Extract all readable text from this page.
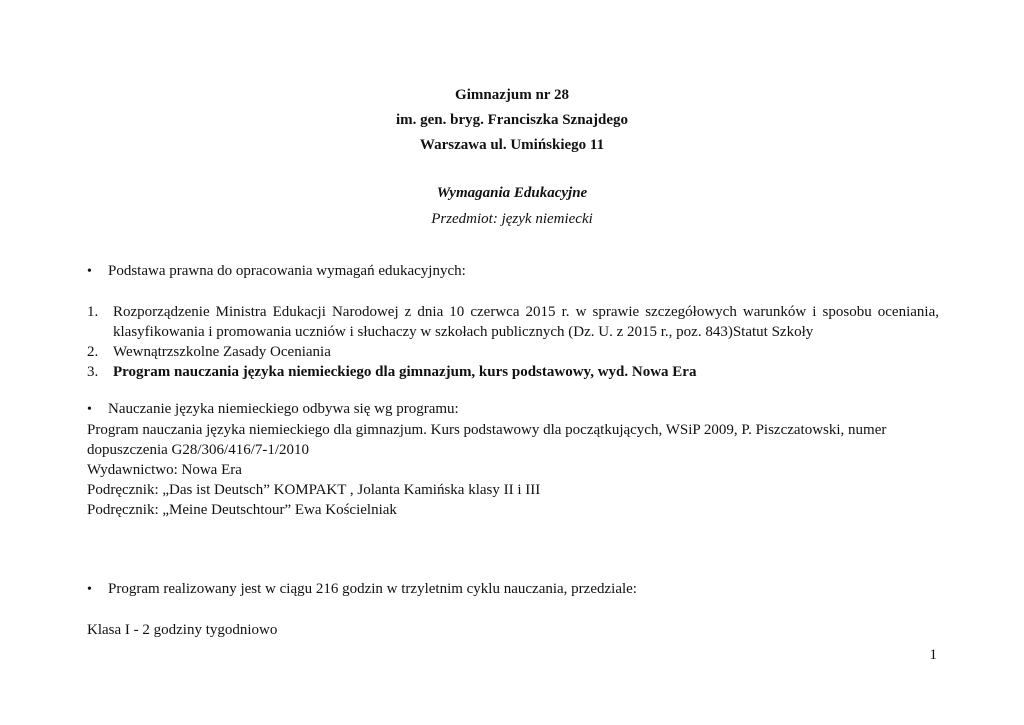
Gimnazjum nr 28
im. gen. bryg. Franciszka Sznajdego
Warszawa ul. Umińskiego 11
Wymagania Edukacyjne
Przedmiot: język niemiecki
•	Podstawa prawna do opracowania wymagań edukacyjnych:
1. Rozporządzenie Ministra Edukacji Narodowej z dnia 10 czerwca 2015 r. w sprawie szczegółowych warunków i sposobu oceniania, klasyfikowania i promowania uczniów i słuchaczy w szkołach publicznych (Dz. U. z 2015 r., poz. 843)Statut Szkoły
2. Wewnątrzszkolne Zasady Oceniania
3. Program nauczania języka niemieckiego dla gimnazjum, kurs podstawowy, wyd. Nowa Era
•	Nauczanie języka niemieckiego odbywa się wg programu:
Program nauczania języka niemieckiego dla gimnazjum. Kurs podstawowy dla początkujących, WSiP 2009, P. Piszczatowski, numer
dopuszczenia G28/306/416/7-1/2010
Wydawnictwo: Nowa Era
Podręcznik: „Das ist Deutsch” KOMPAKT , Jolanta Kamińska klasy II i III
Podręcznik: „Meine Deutschtour” Ewa Kościelniak
•	Program realizowany jest w ciągu 216 godzin w trzyletnim cyklu nauczania, przedziale:
Klasa I - 2 godziny tygodniowo
1
